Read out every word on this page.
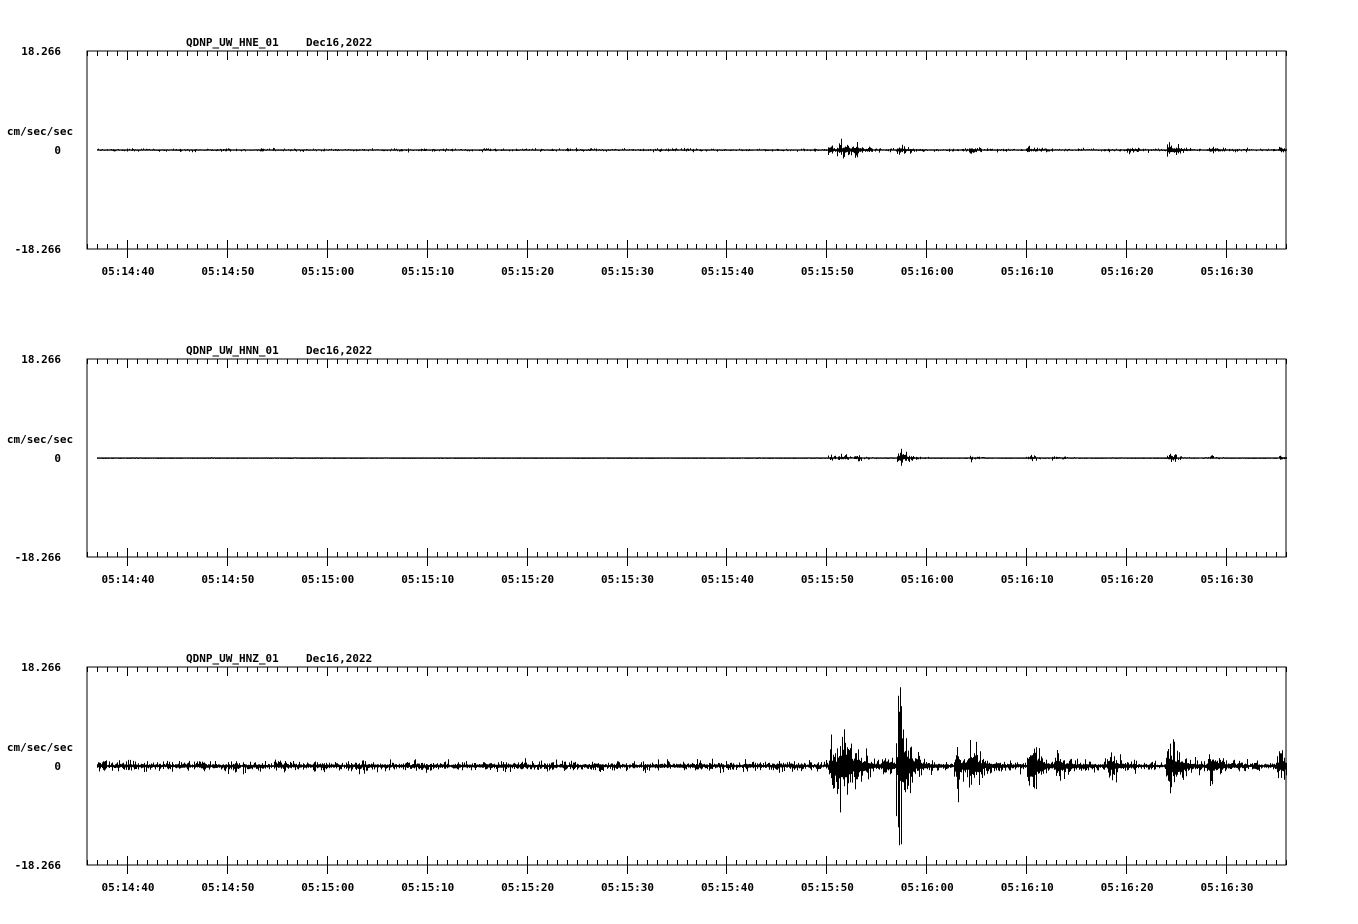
05:14:40	05:14:50	05:15:00	05:15:10	05:15:20	05:15:30	05:15:40	05:15:50	05:16:00	05:16:10	05:16:20	05:16:30
18.266
0
-18.266
cm/sec/sec
QDNP_UW_HNE_01 Dec16,2022
05:14:40	05:14:50	05:15:00	05:15:10	05:15:20	05:15:30	05:15:40	05:15:50	05:16:00	05:16:10	05:16:20	05:16:30
18.266
0
-18.266
cm/sec/sec
QDNP_UW_HNN_01 Dec16,2022
05:14:40	05:14:50	05:15:00	05:15:10	05:15:20	05:15:30	05:15:40	05:15:50	05:16:00	05:16:10	05:16:20	05:16:30
18.266
0
-18.266
cm/sec/sec
QDNP_UW_HNZ_01 Dec16,2022
